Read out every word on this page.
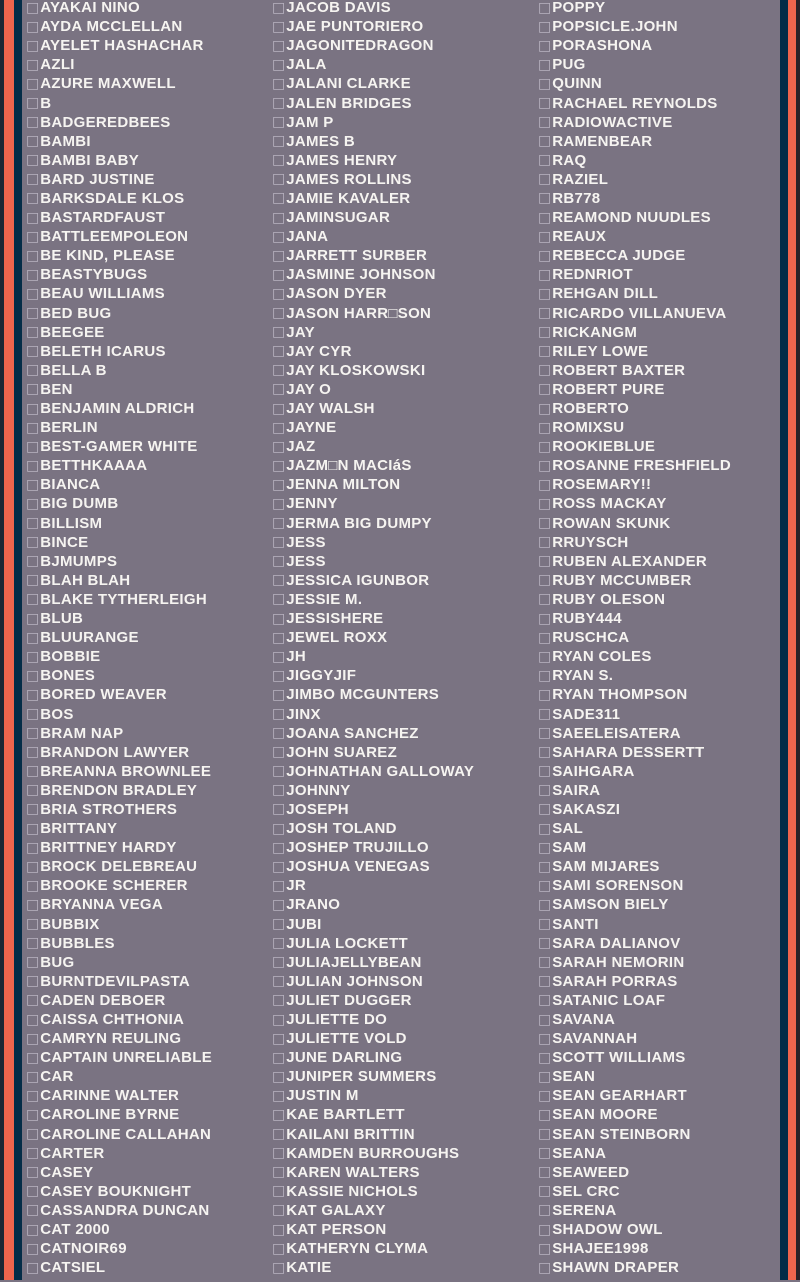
□ AYAKAI NINO
□ AYDA MCCLELLAN
□ AYELET HASHACHAR
□ AZLI
□ AZURE MAXWELL
□ B
□ BADGEREDBEES
□ BAMBI
□ BAMBI BABY
□ BARD JUSTINE
□ BARKSDALE KLOS
□ BASTARDFAUST
□ BATTLEEMPOLEON
□ BE KIND, PLEASE
□ BEASTYBUGS
□ BEAU WILLIAMS
□ BED BUG
□ BEEGEE
□ BELETH ICARUS
□ BELLA B
□ BEN
□ BENJAMIN ALDRICH
□ BERLIN
□ BEST-GAMER WHITE
□ BETTHKAAAA
□ BIANCA
□ BIG DUMB
□ BILLISM
□ BINCE
□ BJMUMPS
□ BLAH BLAH
□ BLAKE TYTHERLEIGH
□ BLUB
□ BLUURANGE
□ BOBBIE
□ BONES
□ BORED WEAVER
□ BOS
□ BRAM NAP
□ BRANDON LAWYER
□ BREANNA BROWNLEE
□ BRENDON BRADLEY
□ BRIA STROTHERS
□ BRITTANY
□ BRITTNEY HARDY
□ BROCK DELEBREAU
□ BROOKE SCHERER
□ BRYANNA VEGA
□ BUBBIX
□ BUBBLES
□ BUG
□ BURNTDEVILPASTA
□ CADEN DEBOER
□ CAISSA CHTHONIA
□ CAMRYN REULING
□ CAPTAIN UNRELIABLE
□ CAR
□ CARINNE WALTER
□ CAROLINE BYRNE
□ CAROLINE CALLAHAN
□ CARTER
□ CASEY
□ CASEY BOUKNIGHT
□ CASSANDRA DUNCAN
□ CAT 2000
□ CATNOIR69
□ CATSIEL
□ JACOB DAVIS
□ JAE PUNTORIERO
□ JAGONITEDRAGON
□ JALA
□ JALANI CLARKE
□ JALEN BRIDGES
□ JAM P
□ JAMES B
□ JAMES HENRY
□ JAMES ROLLINS
□ JAMIE KAVALER
□ JAMINSUGAR
□ JANA
□ JARRETT SURBER
□ JASMINE JOHNSON
□ JASON DYER
□ JASON HARR□SON
□ JAY
□ JAY CYR
□ JAY KLOSKOWSKI
□ JAY O
□ JAY WALSH
□ JAYNE
□ JAZ
□ JAZM□N MACIáS
□ JENNA MILTON
□ JENNY
□ JERMA BIG DUMPY
□ JESS
□ JESS
□ JESSICA IGUNBOR
□ JESSIE M.
□ JESSISHERE
□ JEWEL ROXX
□ JH
□ JIGGYJIF
□ JIMBO MCGUNTERS
□ JINX
□ JOANA SANCHEZ
□ JOHN SUAREZ
□ JOHNATHAN GALLOWAY
□ JOHNNY
□ JOSEPH
□ JOSH TOLAND
□ JOSHEP TRUJILLO
□ JOSHUA VENEGAS
□ JR
□ JRANO
□ JUBI
□ JULIA LOCKETT
□ JULIAJELLYBEAN
□ JULIAN JOHNSON
□ JULIET DUGGER
□ JULIETTE DO
□ JULIETTE VOLD
□ JUNE DARLING
□ JUNIPER SUMMERS
□ JUSTIN M
□ KAE BARTLETT
□ KAILANI BRITTIN
□ KAMDEN BURROUGHS
□ KAREN WALTERS
□ KASSIE NICHOLS
□ KAT GALAXY
□ KAT PERSON
□ KATHERYN CLYMA
□ KATIE
□ POPPY
□ POPSICLE.JOHN
□ PORASHONA
□ PUG
□ QUINN
□ RACHAEL REYNOLDS
□ RADIOWACTIVE
□ RAMENBEAR
□ RAQ
□ RAZIEL
□ RB778
□ REAMOND NUUDLES
□ REAUX
□ REBECCA JUDGE
□ REDNRIOT
□ REHGAN DILL
□ RICARDO VILLANUEVA
□ RICKANGM
□ RILEY LOWE
□ ROBERT BAXTER
□ ROBERT PURE
□ ROBERTO
□ ROMIXSU
□ ROOKIEBLUE
□ ROSANNE FRESHFIELD
□ ROSEMARY!!
□ ROSS MACKAY
□ ROWAN SKUNK
□ RRUYSCH
□ RUBEN ALEXANDER
□ RUBY MCCUMBER
□ RUBY OLESON
□ RUBY444
□ RUSCHCA
□ RYAN COLES
□ RYAN S.
□ RYAN THOMPSON
□ SADE311
□ SAEELEISATERA
□ SAHARA DESSERTT
□ SAIHGARA
□ SAIRA
□ SAKASZI
□ SAL
□ SAM
□ SAM MIJARES
□ SAMI SORENSON
□ SAMSON BIELY
□ SANTI
□ SARA DALIANOV
□ SARAH NEMORIN
□ SARAH PORRAS
□ SATANIC LOAF
□ SAVANA
□ SAVANNAH
□ SCOTT WILLIAMS
□ SEAN
□ SEAN GEARHART
□ SEAN MOORE
□ SEAN STEINBORN
□ SEANA
□ SEAWEED
□ SEL CRC
□ SERENA
□ SHADOW OWL
□ SHAJEE1998
□ SHAWN DRAPER
